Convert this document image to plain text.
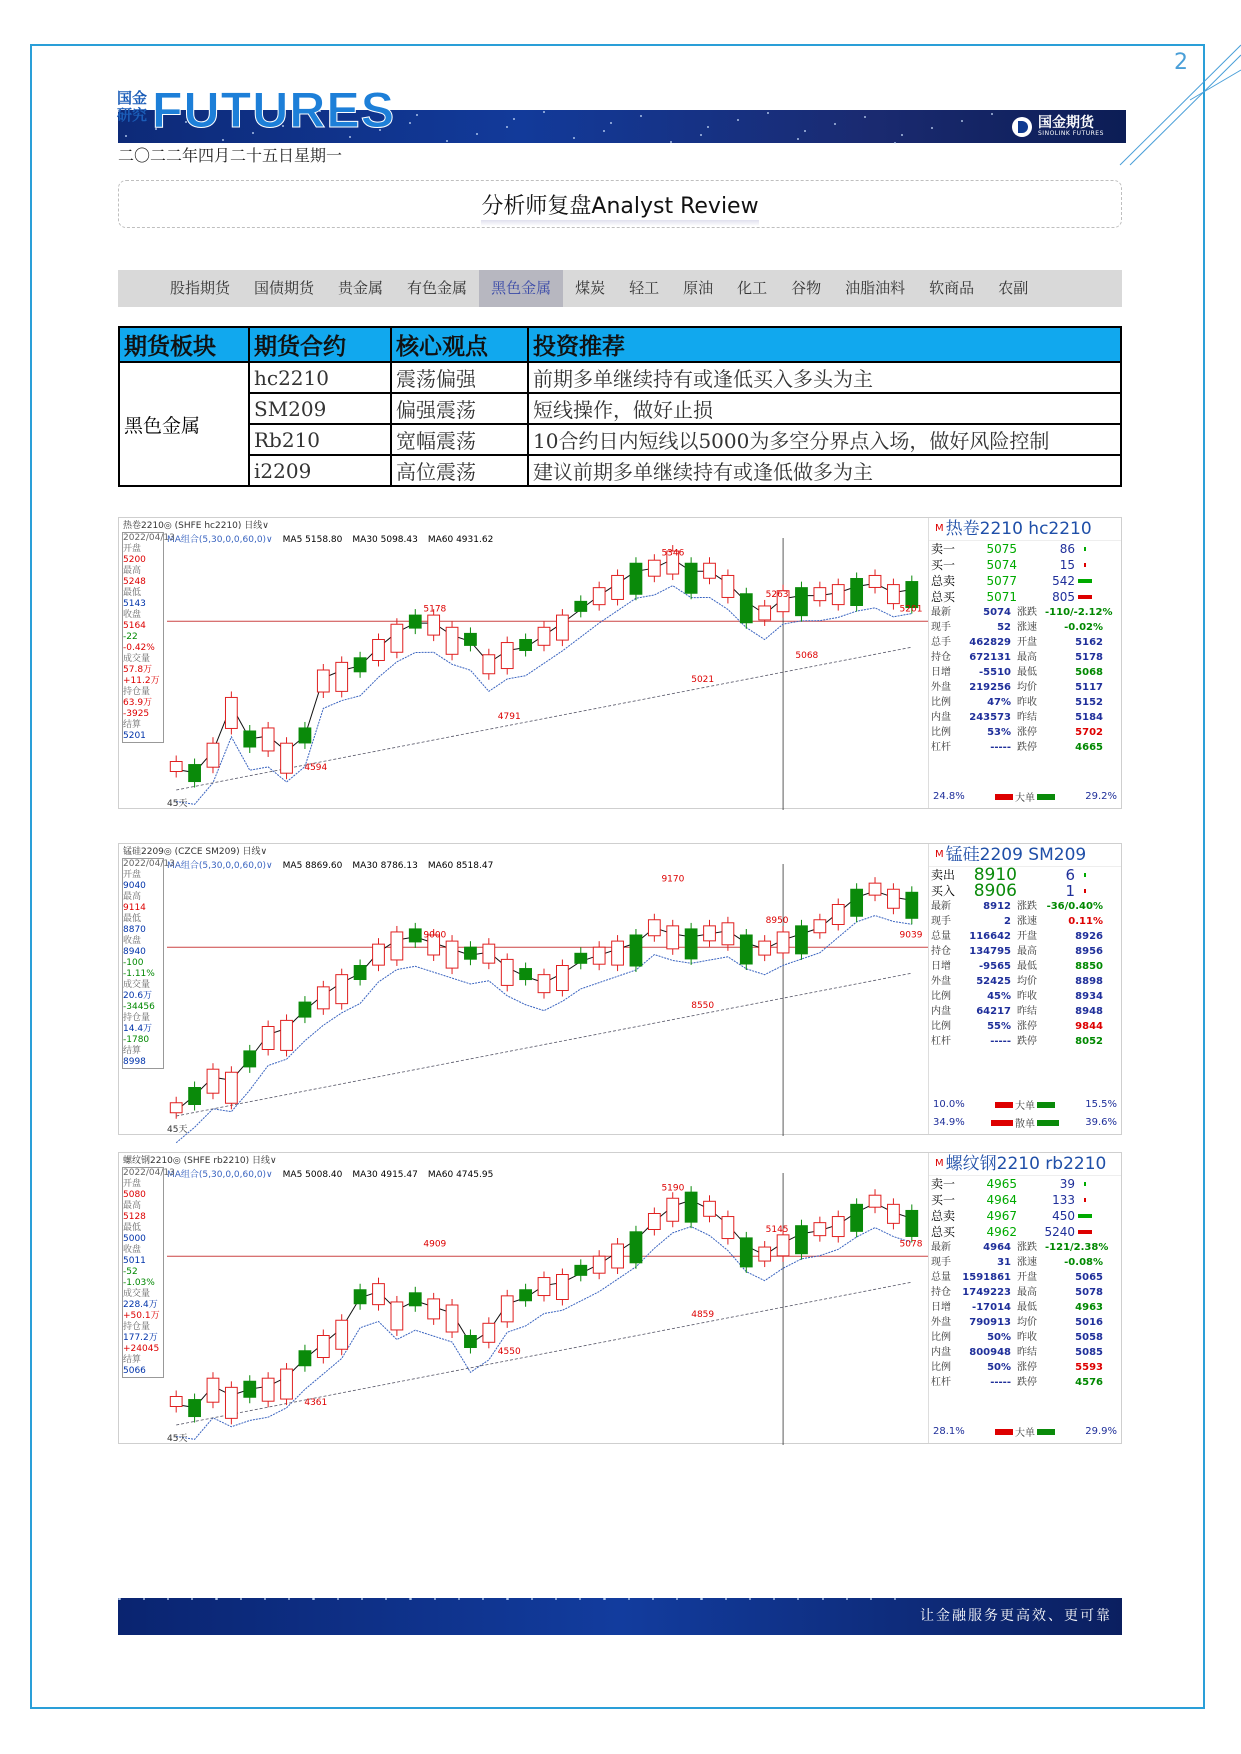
2
国金
研究 FUTURES	国金期货
SINOLINK FUTURES
二〇二二年四月二十五日星期一
分析师复盘Analyst Review
股指期货	国债期货	贵金属	有色金属	黑色金属	煤炭	轻工	原油	化工	谷物	油脂油料	软商品	农副
期货板块	期货合约	核心观点	投资推荐
黑色金属	hc2210	震荡偏强	前期多单继续持有或逢低买入多头为主
	SM209	偏强震荡	短线操作，做好止损
	Rb210	宽幅震荡	10合约日内短线以5000为多空分界点入场，做好风险控制
	i2209	高位震荡	建议前期多单继续持有或逢低做多为主
5346
5263
5178
5021
5068
4791
4594
5201
45天
热卷2210◎ (SHFE hc2210) 日线∨
MA组合(5,30,0,0,60,0)∨ MA5 5158.80 MA30 5098.43 MA60 4931.62
2022/04/13
开盘
5200
最高
5248
最低
5143
收盘
5164
-22
-0.42%
成交量
57.8万
+11.2万
持仓量
63.9万
-3925
结算
5201
$^M$ 热卷2210 hc2210
卖一	5075	86
买一	5074	15
总卖	5077	542
总买	5071	805
最新	5074 涨跌 -110/-2.12%
现手	52 涨速	-0.02%
总手	462829 开盘	5162
持仓	672131 最高	5178
日增	-5510 最低	5068
外盘	219256 均价	5117
比例	47% 昨收	5152
内盘	243573 昨结	5184
比例	53% 涨停	5702
杠杆	----- 跌停	4665
24.8%	大单	29.2%
9170
9000
8950
8550
9039
45天
锰硅2209◎ (CZCE SM209) 日线∨
MA组合(5,30,0,0,60,0)∨ MA5 8869.60 MA30 8786.13 MA60 8518.47
2022/04/13
开盘
9040
最高
9114
最低
8870
收盘
8940
-100
-1.11%
成交量
20.6万
-34456
持仓量
14.4万
-1780
结算
8998
$^M$ 锰硅2209 SM209
卖出	8910	6
买入	8906	1
最新	8912 涨跌 -36/0.40%
现手	2 涨速	0.11%
总量	116642 开盘	8926
持仓	134795 最高	8956
日增	-9565 最低	8850
外盘	52425 均价	8898
比例	45% 昨收	8934
内盘	64217 昨结	8948
比例	55% 涨停	9844
杠杆	----- 跌停	8052
10.0%	大单	15.5%
34.9%	散单	39.6%
5190
5145
4909
4859
4550
4361
5078
45天
螺纹钢2210◎ (SHFE rb2210) 日线∨
MA组合(5,30,0,0,60,0)∨ MA5 5008.40 MA30 4915.47 MA60 4745.95
2022/04/13
开盘
5080
最高
5128
最低
5000
收盘
5011
-52
-1.03%
成交量
228.4万
+50.1万
持仓量
177.2万
+24045
结算
5066
$^M$ 螺纹钢2210 rb2210
卖一	4965	39
买一	4964	133
总卖	4967	450
总买	4962	5240
最新	4964 涨跌 -121/2.38%
现手	31 涨速	-0.08%
总量	1591861 开盘	5065
持仓	1749223 最高	5078
日增	-17014 最低	4963
外盘	790913 均价	5016
比例	50% 昨收	5058
内盘	800948 昨结	5085
比例	50% 涨停	5593
杠杆	----- 跌停	4576
28.1%	大单	29.9%
让金融服务更高效、更可靠
